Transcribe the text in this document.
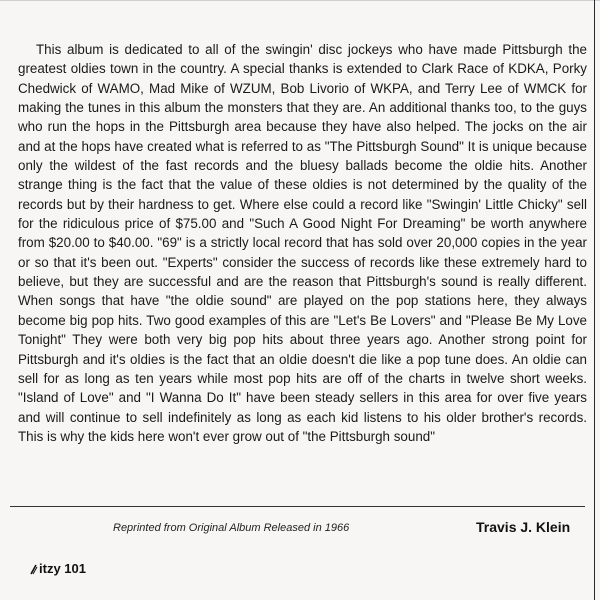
This album is dedicated to all of the swingin' disc jockeys who have made Pittsburgh the greatest oldies town in the country. A special thanks is extended to Clark Race of KDKA, Porky Chedwick of WAMO, Mad Mike of WZUM, Bob Livorio of WKPA, and Terry Lee of WMCK for making the tunes in this album the monsters that they are. An additional thanks too, to the guys who run the hops in the Pittsburgh area because they have also helped. The jocks on the air and at the hops have created what is referred to as "The Pittsburgh Sound" It is unique because only the wildest of the fast records and the bluesy ballads become the oldie hits. Another strange thing is the fact that the value of these oldies is not determined by the quality of the records but by their hardness to get. Where else could a record like "Swingin' Little Chicky" sell for the ridiculous price of $75.00 and "Such A Good Night For Dreaming" be worth anywhere from $20.00 to $40.00. "69" is a strictly local record that has sold over 20,000 copies in the year or so that it's been out. "Experts" consider the success of records like these extremely hard to believe, but they are successful and are the reason that Pittsburgh's sound is really different. When songs that have "the oldie sound" are played on the pop stations here, they always become big pop hits. Two good examples of this are "Let's Be Lovers" and "Please Be My Love Tonight" They were both very big pop hits about three years ago. Another strong point for Pittsburgh and it's oldies is the fact that an oldie doesn't die like a pop tune does. An oldie can sell for as long as ten years while most pop hits are off of the charts in twelve short weeks. "Island of Love" and "I Wanna Do It" have been steady sellers in this area for over five years and will continue to sell indefinitely as long as each kid listens to his older brother's records. This is why the kids here won't ever grow out of "the Pittsburgh sound"

Reprinted from Original Album Released in 1966	Travis J. Klein
itzy 101
